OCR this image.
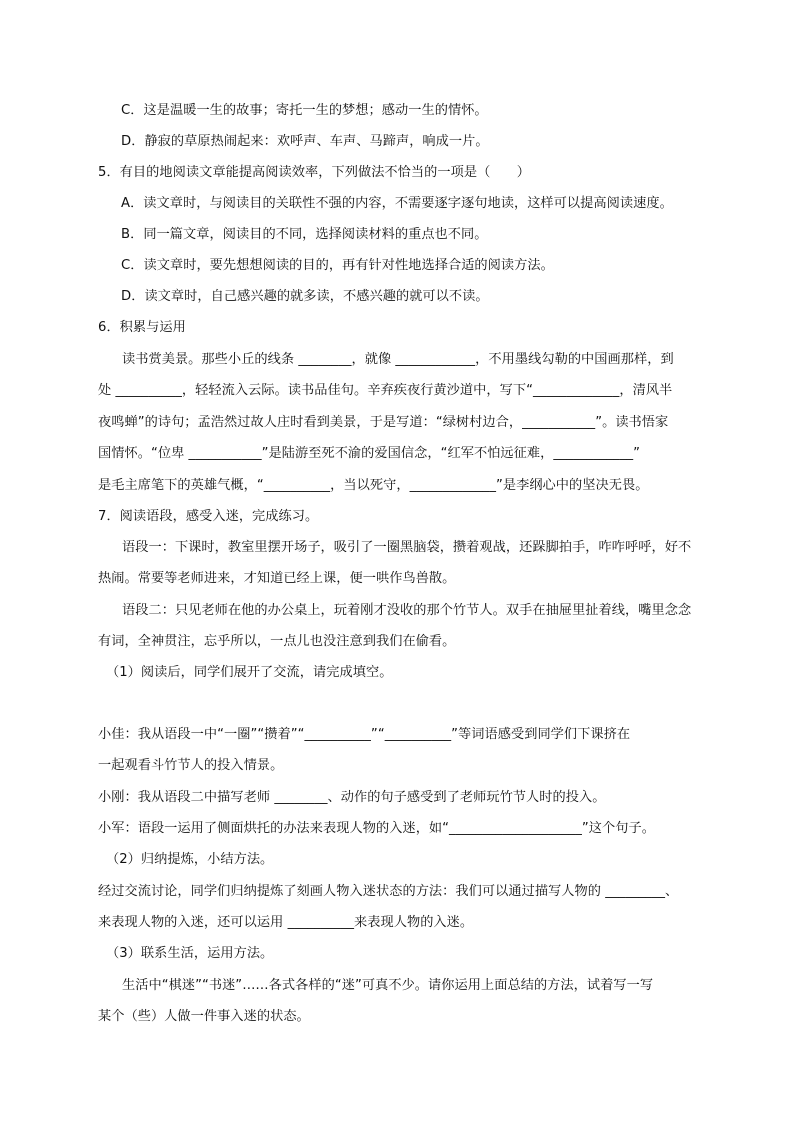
C．这是温暖一生的故事；寄托一生的梦想；感动一生的情怀。
D．静寂的草原热闹起来：欢呼声、车声、马蹄声，响成一片。
5．有目的地阅读文章能提高阅读效率，下列做法不恰当的一项是（　　）
A．读文章时，与阅读目的关联性不强的内容，不需要逐字逐句地读，这样可以提高阅读速度。
B．同一篇文章，阅读目的不同，选择阅读材料的重点也不同。
C．读文章时，要先想想阅读的目的，再有针对性地选择合适的阅读方法。
D．读文章时，自己感兴趣的就多读，不感兴趣的就可以不读。
6．积累与运用
读书赏美景。那些小丘的线条 ________，就像 ____________，不用墨线勾勒的中国画那样，到
处 __________，轻轻流入云际。读书品佳句。辛弃疾夜行黄沙道中，写下“_____________，清风半
夜鸣蝉”的诗句；孟浩然过故人庄时看到美景，于是写道：“绿树村边合，___________”。读书悟家
国情怀。“位卑 ___________”是陆游至死不渝的爱国信念，“红军不怕远征难，____________”
是毛主席笔下的英雄气概，“__________，当以死守，_____________”是李纲心中的坚决无畏。
7．阅读语段，感受入迷，完成练习。
语段一：下课时，教室里摆开场子，吸引了一圈黑脑袋，攒着观战，还跺脚拍手，咋咋呼呼，好不
热闹。常要等老师进来，才知道已经上课，便一哄作鸟兽散。
语段二：只见老师在他的办公桌上，玩着刚才没收的那个竹节人。双手在抽屉里扯着线，嘴里念念
有词，全神贯注，忘乎所以，一点儿也没注意到我们在偷看。
（1）阅读后，同学们展开了交流，请完成填空。
小佳：我从语段一中“一圈”“攒着”“__________”“__________”等词语感受到同学们下课挤在
一起观看斗竹节人的投入情景。
小刚：我从语段二中描写老师 ________、动作的句子感受到了老师玩竹节人时的投入。
小军：语段一运用了侧面烘托的办法来表现人物的入迷，如“____________________”这个句子。
（2）归纳提炼，小结方法。
经过交流讨论，同学们归纳提炼了刻画人物入迷状态的方法：我们可以通过描写人物的 _________、
来表现人物的入迷，还可以运用 __________来表现人物的入迷。
（3）联系生活，运用方法。
生活中“棋迷”“书迷”……各式各样的“迷”可真不少。请你运用上面总结的方法，试着写一写
某个（些）人做一件事入迷的状态。
